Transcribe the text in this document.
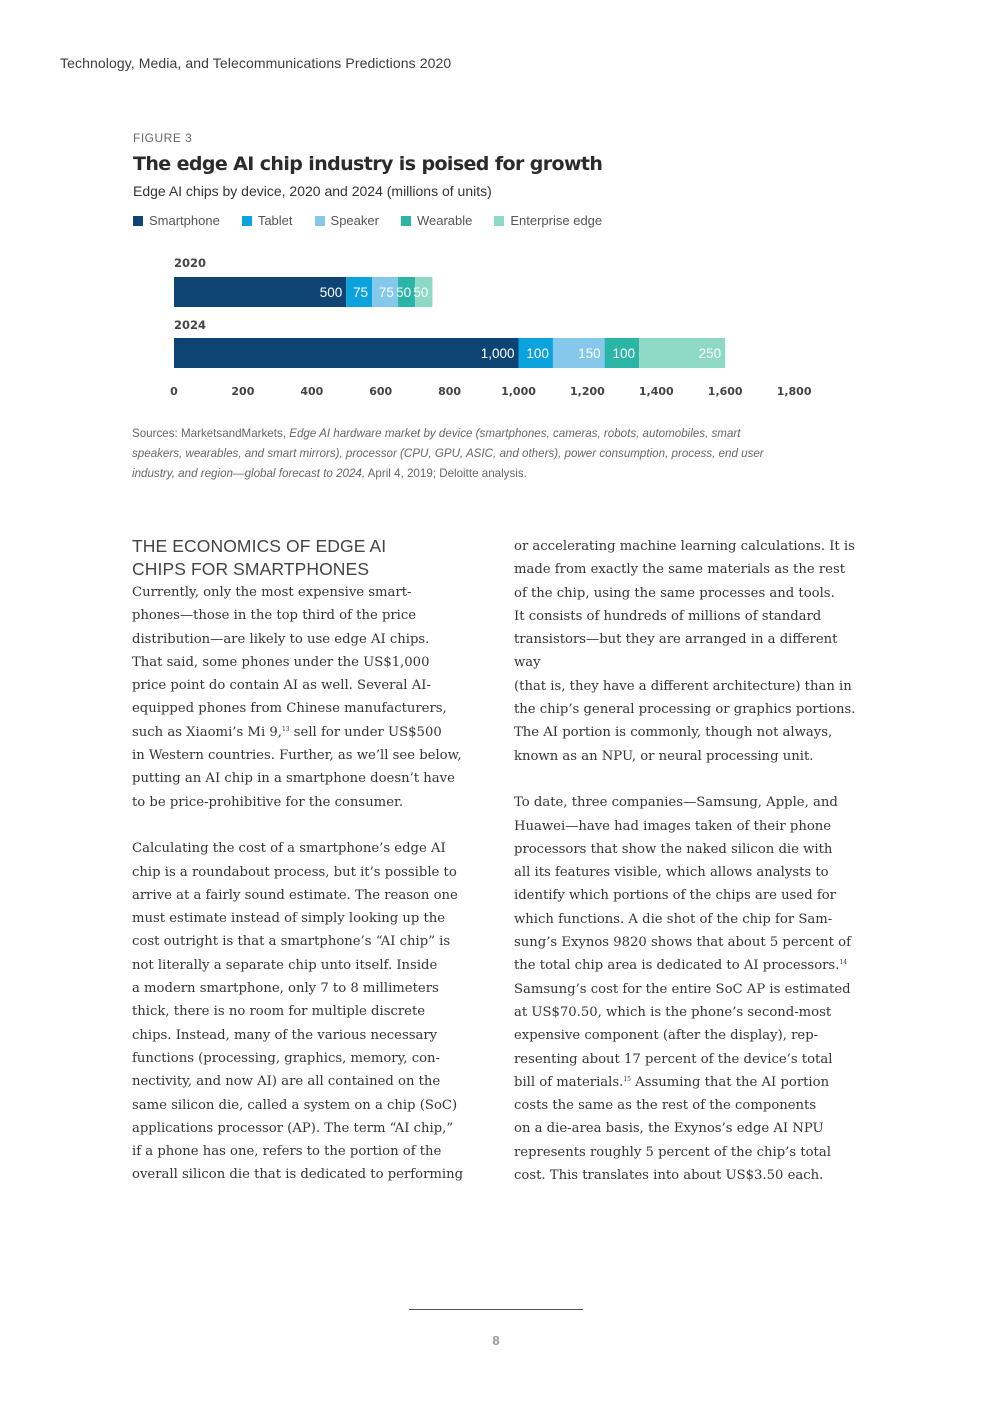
Technology, Media, and Telecommunications Predictions 2020
FIGURE 3
The edge AI chip industry is poised for growth
Edge AI chips by device, 2020 and 2024 (millions of units)
Smartphone	Tablet	Speaker	Wearable	Enterprise edge
2020
500 75 75 50 50
2024
1,000 100 150 100	250
0	200	400	600	800	1,000	1,200	1,400	1,600	1,800
Sources: MarketsandMarkets, Edge AI hardware market by device (smartphones, cameras, robots, automobiles, smart speakers, wearables, and smart mirrors), processor (CPU, GPU, ASIC, and others), power consumption, process, end user industry, and region—global forecast to 2024, April 4, 2019; Deloitte analysis.
THE ECONOMICS OF EDGE AI CHIPS FOR SMARTPHONES

Currently, only the most expensive smart-
phones—those in the top third of the price
distribution—are likely to use edge AI chips.
That said, some phones under the US$1,000
price point do contain AI as well. Several AI-
equipped phones from Chinese manufacturers,
such as Xiaomi’s Mi 9,13 sell for under US$500
in Western countries. Further, as we’ll see below,
putting an AI chip in a smartphone doesn’t have
to be price-prohibitive for the consumer.

Calculating the cost of a smartphone’s edge AI
chip is a roundabout process, but it’s possible to
arrive at a fairly sound estimate. The reason one
must estimate instead of simply looking up the
cost outright is that a smartphone’s “AI chip” is
not literally a separate chip unto itself. Inside
a modern smartphone, only 7 to 8 millimeters
thick, there is no room for multiple discrete
chips. Instead, many of the various necessary
functions (processing, graphics, memory, con-
nectivity, and now AI) are all contained on the
same silicon die, called a system on a chip (SoC)
applications processor (AP). The term “AI chip,”
if a phone has one, refers to the portion of the
overall silicon die that is dedicated to performing

or accelerating machine learning calculations. It is
made from exactly the same materials as the rest
of the chip, using the same processes and tools.
It consists of hundreds of millions of standard
transistors—but they are arranged in a different way
(that is, they have a different architecture) than in
the chip’s general processing or graphics portions.
The AI portion is commonly, though not always,
known as an NPU, or neural processing unit.

To date, three companies—Samsung, Apple, and
Huawei—have had images taken of their phone
processors that show the naked silicon die with
all its features visible, which allows analysts to
identify which portions of the chips are used for
which functions. A die shot of the chip for Sam-
sung’s Exynos 9820 shows that about 5 percent of
the total chip area is dedicated to AI processors.$^{14}$
Samsung’s cost for the entire SoC AP is estimated
at US$70.50, which is the phone’s second-most
expensive component (after the display), rep-
resenting about 17 percent of the device’s total
bill of materials.$^{15}$ Assuming that the AI portion
costs the same as the rest of the components
on a die-area basis, the Exynos’s edge AI NPU
represents roughly 5 percent of the chip’s total
cost. This translates into about US$3.50 each.

8
